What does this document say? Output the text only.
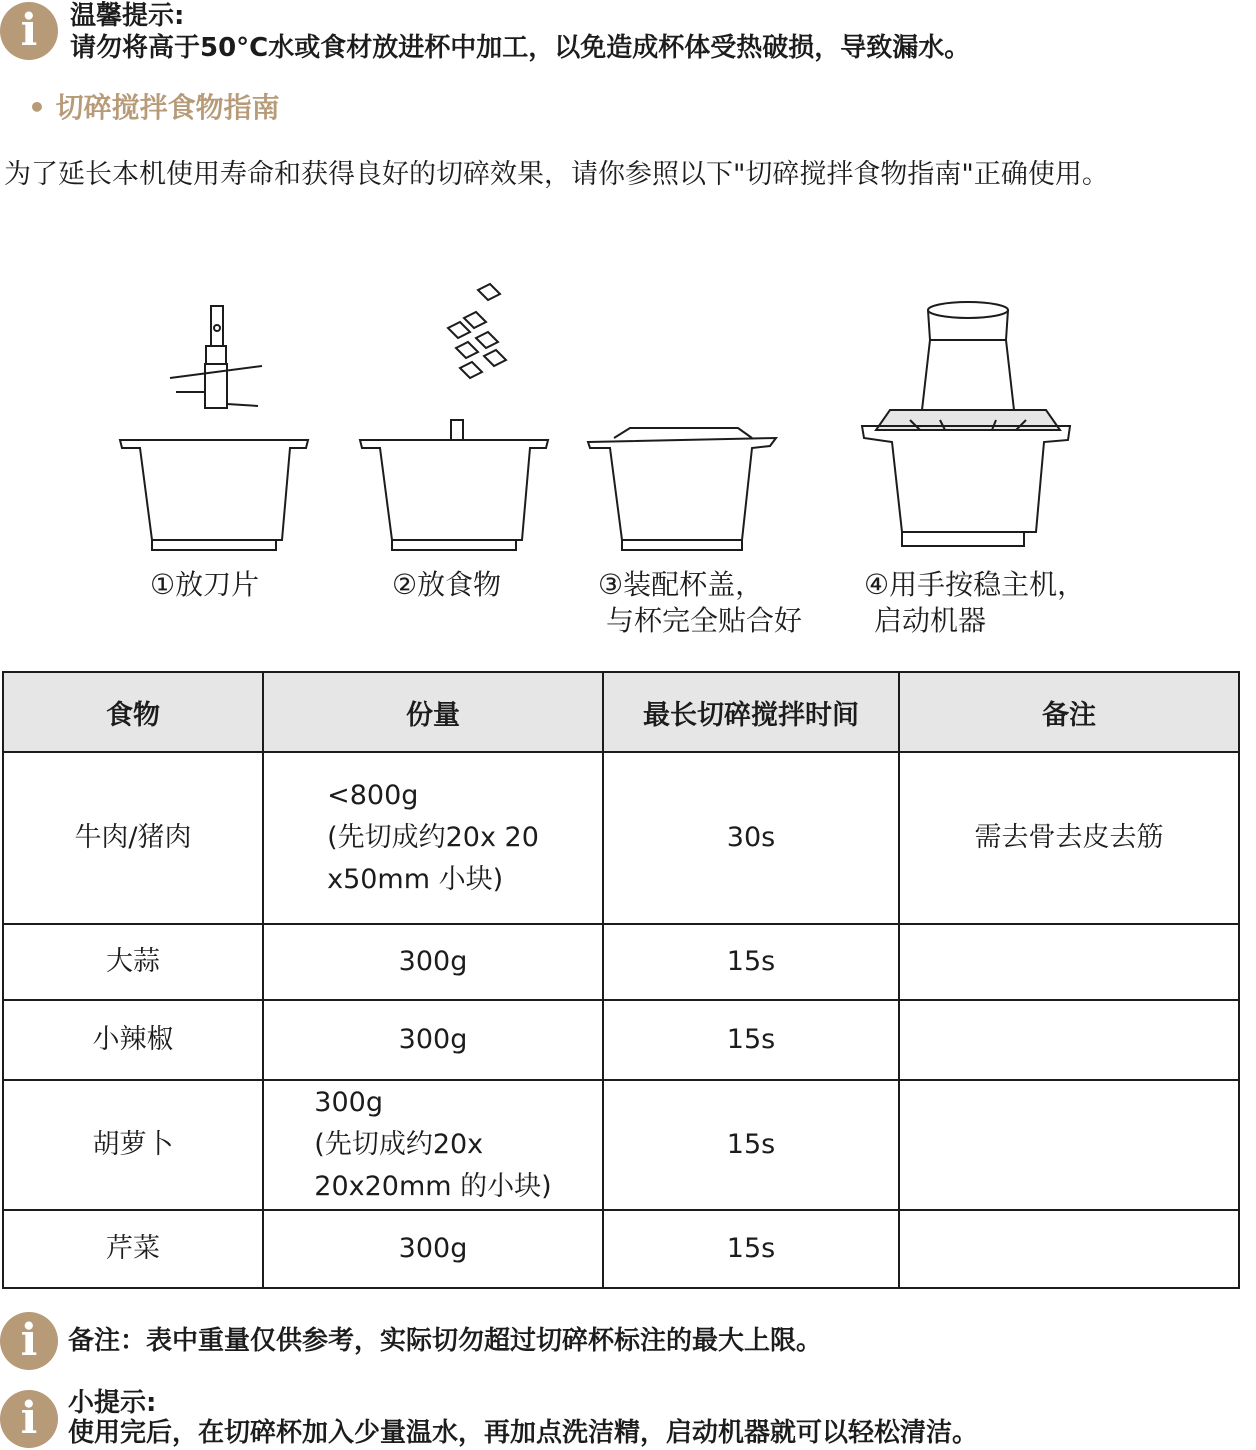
i	温馨提示:
请勿将高于50°C水或食材放进杯中加工，以免造成杯体受热破损，导致漏水。
• 切碎搅拌食物指南
为了延长本机使用寿命和获得良好的切碎效果，请你参照以下"切碎搅拌食物指南"正确使用。
①放刀片	②放食物	③装配杯盖，
与杯完全贴合好
④用手按稳主机，
启动机器
食物	份量	最长切碎搅拌时间	备注
牛肉/猪肉	<800g
(先切成约20x 20
x50mm 小块)	30s	需去骨去皮去筋
大蒜	300g	15s	
小辣椒	300g	15s	
胡萝卜	300g
(先切成约20x
20x20mm 的小块)	15s	
芹菜	300g	15s	
i	备注：表中重量仅供参考，实际切勿超过切碎杯标注的最大上限。
i	小提示:
使用完后，在切碎杯加入少量温水，再加点洗洁精，启动机器就可以轻松清洁。
